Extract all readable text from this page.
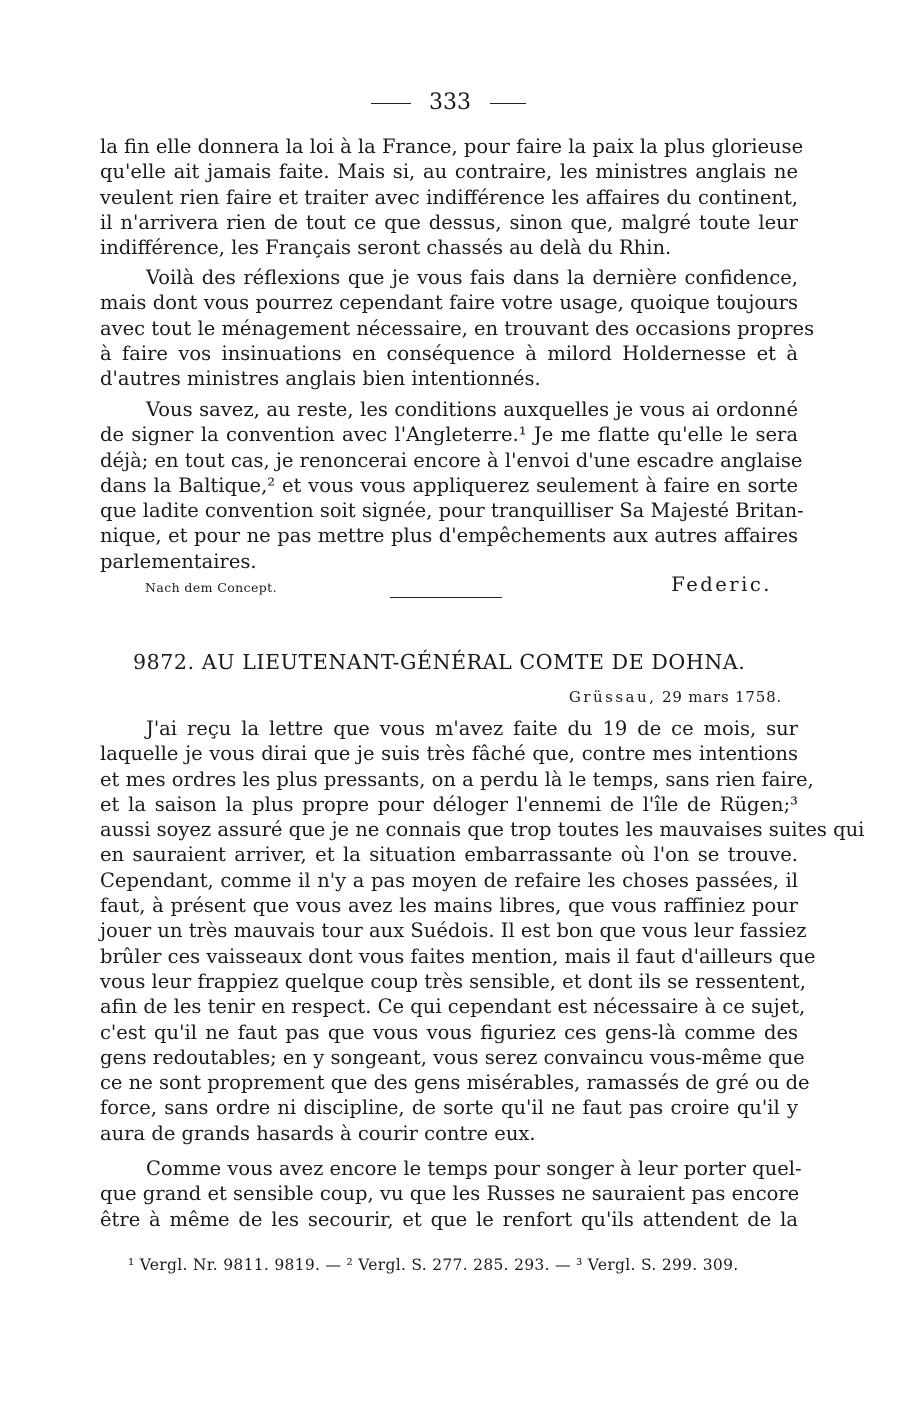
333
la fin elle donnera la loi à la France, pour faire la paix la plus glorieuse
qu'elle ait jamais faite. Mais si, au contraire, les ministres anglais ne
veulent rien faire et traiter avec indifférence les affaires du continent,
il n'arrivera rien de tout ce que dessus, sinon que, malgré toute leur
indifférence, les Français seront chassés au delà du Rhin.
Voilà des réflexions que je vous fais dans la dernière confidence,
mais dont vous pourrez cependant faire votre usage, quoique toujours
avec tout le ménagement nécessaire, en trouvant des occasions propres
à faire vos insinuations en conséquence à milord Holdernesse et à
d'autres ministres anglais bien intentionnés.
Vous savez, au reste, les conditions auxquelles je vous ai ordonné
de signer la convention avec l'Angleterre.¹ Je me flatte qu'elle le sera
déjà; en tout cas, je renoncerai encore à l'envoi d'une escadre anglaise
dans la Baltique,² et vous vous appliquerez seulement à faire en sorte
que ladite convention soit signée, pour tranquilliser Sa Majesté Britan-
nique, et pour ne pas mettre plus d'empêchements aux autres affaires
parlementaires.
Nach dem Concept.	Federic.
9872. AU LIEUTENANT-GÉNÉRAL COMTE DE DOHNA.
Grüssau, 29 mars 1758.
J'ai reçu la lettre que vous m'avez faite du 19 de ce mois, sur
laquelle je vous dirai que je suis très fâché que, contre mes intentions
et mes ordres les plus pressants, on a perdu là le temps, sans rien faire,
et la saison la plus propre pour déloger l'ennemi de l'île de Rügen;³
aussi soyez assuré que je ne connais que trop toutes les mauvaises suites qui
en sauraient arriver, et la situation embarrassante où l'on se trouve.
Cependant, comme il n'y a pas moyen de refaire les choses passées, il
faut, à présent que vous avez les mains libres, que vous raffiniez pour
jouer un très mauvais tour aux Suédois. Il est bon que vous leur fassiez
brûler ces vaisseaux dont vous faites mention, mais il faut d'ailleurs que
vous leur frappiez quelque coup très sensible, et dont ils se ressentent,
afin de les tenir en respect. Ce qui cependant est nécessaire à ce sujet,
c'est qu'il ne faut pas que vous vous figuriez ces gens-là comme des
gens redoutables; en y songeant, vous serez convaincu vous-même que
ce ne sont proprement que des gens misérables, ramassés de gré ou de
force, sans ordre ni discipline, de sorte qu'il ne faut pas croire qu'il y
aura de grands hasards à courir contre eux.
Comme vous avez encore le temps pour songer à leur porter quel-
que grand et sensible coup, vu que les Russes ne sauraient pas encore
être à même de les secourir, et que le renfort qu'ils attendent de la
¹ Vergl. Nr. 9811. 9819. — ² Vergl. S. 277. 285. 293. — ³ Vergl. S. 299. 309.
